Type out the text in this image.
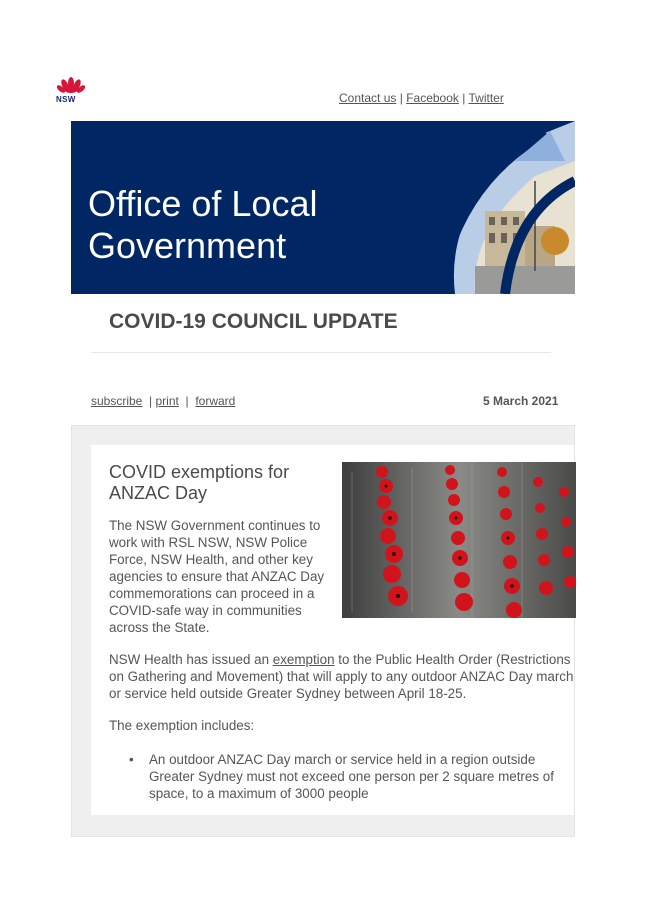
NSW	Contact us | Facebook | Twitter
Office of Local
Government
COVID-19 COUNCIL UPDATE
subscribe | print | forward	5 March 2021
COVID exemptions for ANZAC Day
The NSW Government continues to work with RSL NSW, NSW Police Force, NSW Health, and other key agencies to ensure that ANZAC Day commemorations can proceed in a COVID-safe way in communities across the State.
NSW Health has issued an exemption to the Public Health Order (Restrictions on Gathering and Movement) that will apply to any outdoor ANZAC Day march or service held outside Greater Sydney between April 18-25.
The exemption includes:
• An outdoor ANZAC Day march or service held in a region outside Greater Sydney must not exceed one person per 2 square metres of space, to a maximum of 3000 people
